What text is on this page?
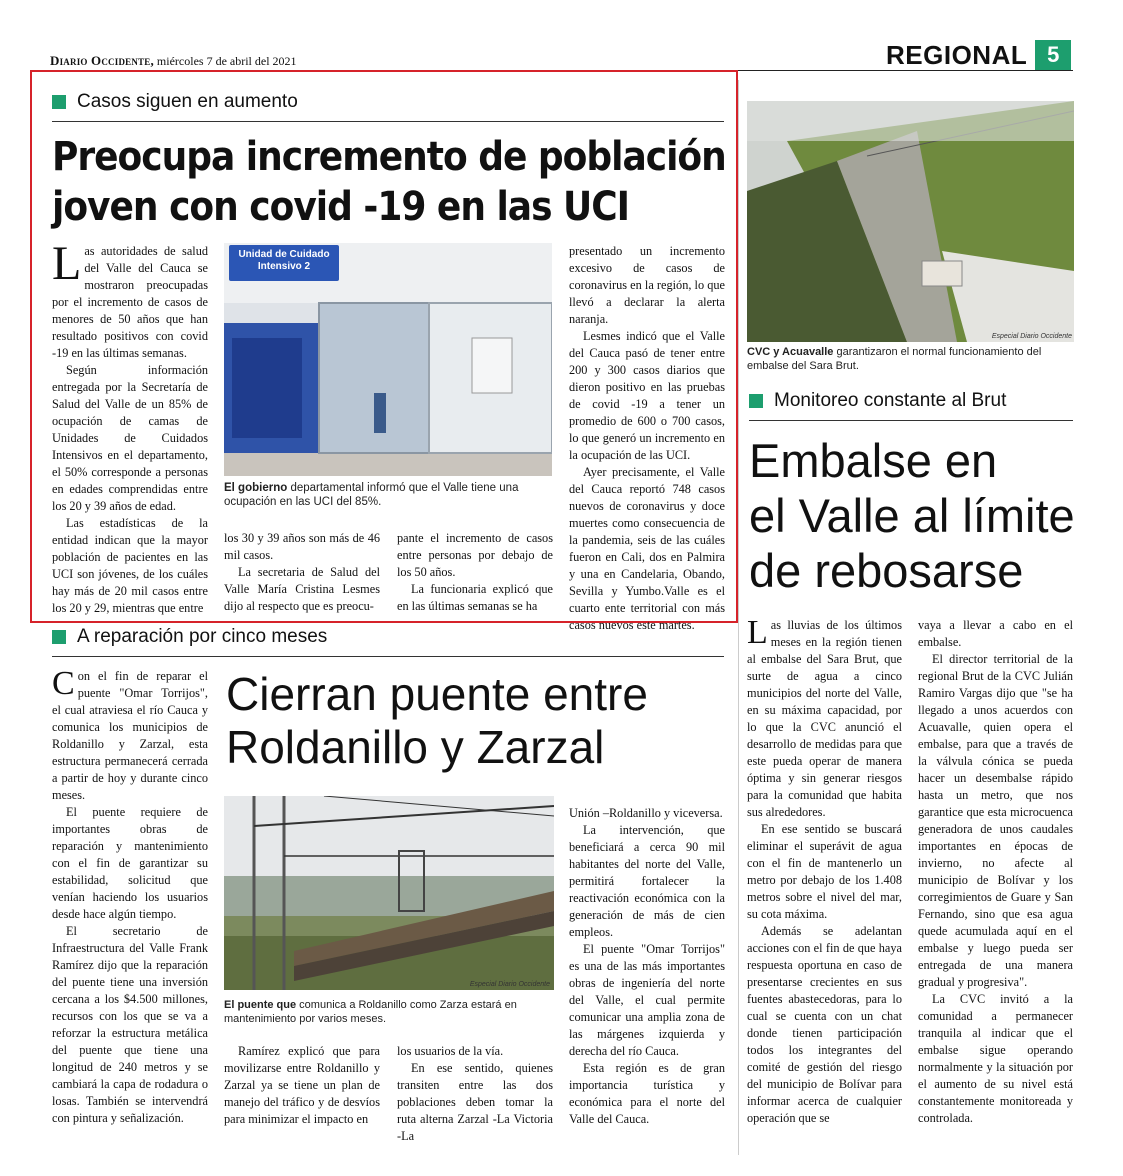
Diario Occidente, miércoles 7 de abril del 2021	REGIONAL 5
Casos siguen en aumento
Preocupa incremento de población
joven con covid -19 en las UCI

Las autoridades de salud del Valle del Cauca se mostraron preocupadas por el incremento de casos de menores de 50 años que han resultado positivos con covid -19 en las últimas semanas.

Según información entregada por la Secretaría de Salud del Valle de un 85% de ocupación de camas de Unidades de Cuidados Intensivos en el departamento, el 50% corresponde a personas en edades comprendidas entre los 20 y 39 años de edad.

Las estadísticas de la entidad indican que la mayor población de pacientes en las UCI son jóvenes, de los cuáles hay más de 20 mil casos entre los 20 y 29, mientras que entre

Unidad de Cuidado Intensivo 2
El gobierno departamental informó que el Valle tiene una ocupación en las UCI del 85%.

los 30 y 39 años son más de 46 mil casos.

La secretaria de Salud del Valle María Cristina Lesmes dijo al respecto que es preocu-

pante el incremento de casos entre personas por debajo de los 50 años.

La funcionaria explicó que en las últimas semanas se ha

presentado un incremento excesivo de casos de coronavirus en la región, lo que llevó a declarar la alerta naranja.

Lesmes indicó que el Valle del Cauca pasó de tener entre 200 y 300 casos diarios que dieron positivo en las pruebas de covid -19 a tener un promedio de 600 o 700 casos, lo que generó un incremento en la ocupación de las UCI.

Ayer precisamente, el Valle del Cauca reportó 748 casos nuevos de coronavirus y doce muertes como consecuencia de la pandemia, seis de las cuáles fueron en Cali, dos en Palmira y una en Candelaria, Obando, Sevilla y Yumbo.Valle es el cuarto ente territorial con más casos nuevos este martes.

A reparación por cinco meses

Con el fin de reparar el puente "Omar Torrijos", el cual atraviesa el río Cauca y comunica los municipios de Roldanillo y Zarzal, esta estructura permanecerá cerrada a partir de hoy y durante cinco meses.

El puente requiere de importantes obras de reparación y mantenimiento con el fin de garantizar su estabilidad, solicitud que venían haciendo los usuarios desde hace algún tiempo.

El secretario de Infraestructura del Valle Frank Ramírez dijo que la reparación del puente tiene una inversión cercana a los $4.500 millones, recursos con los que se va a reforzar la estructura metálica del puente que tiene una longitud de 240 metros y se cambiará la capa de rodadura o losas. También se intervendrá con pintura y señalización.

Cierran puente entre
Roldanillo y Zarzal
Especial Diario Occidente
El puente que comunica a Roldanillo como Zarza estará en mantenimiento por varios meses.

Ramírez explicó que para movilizarse entre Roldanillo y Zarzal ya se tiene un plan de manejo del tráfico y de desvíos para minimizar el impacto en

los usuarios de la vía.

En ese sentido, quienes transiten entre las dos poblaciones deben tomar la ruta alterna Zarzal -La Victoria -La

Unión –Roldanillo y viceversa.

La intervención, que beneficiará a cerca 90 mil habitantes del norte del Valle, permitirá fortalecer la reactivación económica con la generación de más de cien empleos.

El puente "Omar Torrijos" es una de las más importantes obras de ingeniería del norte del Valle, el cual permite comunicar una amplia zona de las márgenes izquierda y derecha del río Cauca.

Esta región es de gran importancia turística y económica para el norte del Valle del Cauca.

Especial Diario Occidente
CVC y Acuavalle garantizaron el normal funcionamiento del embalse del Sara Brut.
Monitoreo constante al Brut
Embalse en
el Valle al límite
de rebosarse

Las lluvias de los últimos meses en la región tienen al embalse del Sara Brut, que surte de agua a cinco municipios del norte del Valle, en su máxima capacidad, por lo que la CVC anunció el desarrollo de medidas para que este pueda operar de manera óptima y sin generar riesgos para la comunidad que habita sus alrededores.

En ese sentido se buscará eliminar el superávit de agua con el fin de mantenerlo un metro por debajo de los 1.408 metros sobre el nivel del mar, su cota máxima.

Además se adelantan acciones con el fin de que haya respuesta oportuna en caso de presentarse crecientes en sus fuentes abastecedoras, para lo cual se cuenta con un chat donde tienen participación todos los integrantes del comité de gestión del riesgo del municipio de Bolívar para informar acerca de cualquier operación que se

vaya a llevar a cabo en el embalse.

El director territorial de la regional Brut de la CVC Julián Ramiro Vargas dijo que "se ha llegado a unos acuerdos con Acuavalle, quien opera el embalse, para que a través de la válvula cónica se pueda hacer un desembalse rápido hasta un metro, que nos garantice que esta microcuenca generadora de unos caudales importantes en épocas de invierno, no afecte al municipio de Bolívar y los corregimientos de Guare y San Fernando, sino que esa agua quede acumulada aquí en el embalse y luego pueda ser entregada de una manera gradual y progresiva".

La CVC invitó a la comunidad a permanecer tranquila al indicar que el embalse sigue operando normalmente y la situación por el aumento de su nivel está constantemente monitoreada y controlada.
